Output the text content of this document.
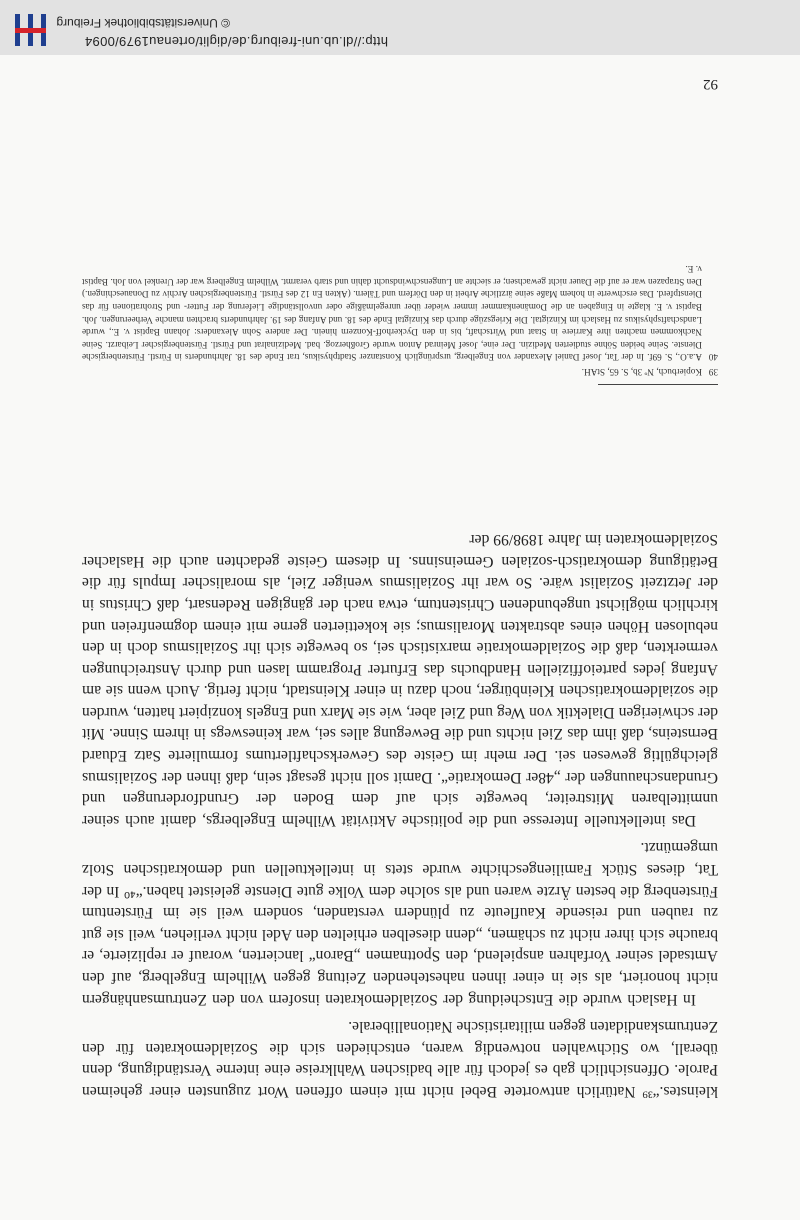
kleinstes.“³⁹ Natürlich antwortete Bebel nicht mit einem offenen Wort zugunsten einer geheimen Parole. Offensichtlich gab es jedoch für alle badischen Wahlkreise eine interne Verständigung, denn überall, wo Stichwahlen notwendig waren, entschieden sich die Sozialdemokraten für den Zentrumskandidaten gegen militaristische Nationalliberale.

In Haslach wurde die Entscheidung der Sozialdemokraten insofern von den Zentrumsanhängern nicht honoriert, als sie in einer ihnen nahestehenden Zeitung gegen Wilhelm Engelberg, auf den Amtsadel seiner Vorfahren anspielend, den Spottnamen „Baron“ lancierten, worauf er replizierte, er brauche sich ihrer nicht zu schämen, „denn dieselben erhielten den Adel nicht verliehen, weil sie gut zu rauben und reisende Kaufleute zu plündern verstanden, sondern weil sie im Fürstentum Fürstenberg die besten Ärzte waren und als solche dem Volke gute Dienste geleistet haben.“⁴⁰ In der Tat, dieses Stück Familiengeschichte wurde stets in intellektuellen und demokratischen Stolz umgemünzt.

Das intellektuelle Interesse und die politische Aktivität Wilhelm Engelbergs, damit auch seiner unmittelbaren Mitstreiter, bewegte sich auf dem Boden der Grundforderungen und Grundanschauungen der „48er Demokratie“. Damit soll nicht gesagt sein, daß ihnen der Sozialismus gleichgültig gewesen sei. Der mehr im Geiste des Gewerkschaftlertums formulierte Satz Eduard Bernsteins, daß ihm das Ziel nichts und die Bewegung alles sei, war keineswegs in ihrem Sinne. Mit der schwierigen Dialektik von Weg und Ziel aber, wie sie Marx und Engels konzipiert hatten, wurden die sozialdemokratischen Kleinbürger, noch dazu in einer Kleinstadt, nicht fertig. Auch wenn sie am Anfang jedes parteioffiziellen Handbuchs das Erfurter Programm lasen und durch Anstreichungen vermerkten, daß die Sozialdemokratie marxistisch sei, so bewegte sich ihr Sozialismus doch in den nebulosen Höhen eines abstrakten Moralismus; sie kokettierten gerne mit einem dogmenfreien und kirchlich möglichst ungebundenen Christentum, etwa nach der gängigen Redensart, daß Christus in der Jetztzeit Sozialist wäre. So war ihr Sozialismus weniger Ziel, als moralischer Impuls für die Betätigung demokratisch-sozialen Gemeinsinns. In diesem Geiste gedachten auch die Haslacher Sozialdemokraten im Jahre 1898/99 der

39
Kopierbuch, Nº 3b, S. 65, StAH.
40
A.a.O., S. 69f. In der Tat, Josef Daniel Alexander von Engelberg, ursprünglich Konstanzer Stadtphysikus, trat Ende des 18. Jahrhunderts in Fürstl. Fürstenbergische Dienste. Seine beiden Söhne studierten Medizin. Der eine, Josef Meinrad Anton wurde Großherzog. bad. Medizinalrat und Fürstl. Fürstenbergischer Leibarzt. Seine Nachkommen machten ihre Karriere in Staat und Wirtschaft, bis in den Dyckerhoff-Konzern hinein. Der andere Sohn Alexanders: Johann Baptist v. E., wurde Landschaftsphysikus zu Haslach im Kinzigtal. Die Kriegszüge durch das Kinzigtal Ende des 18. und Anfang des 19. Jahrhunderts brachten manche Verheerungen. Joh. Baptist v. E. klagte in Eingaben an die Domänenkammer immer wieder über unregelmäßige oder unvollständige Lieferung der Futter- und Strohrationen für das Dienstpferd. Das erschwerte in hohem Maße seine ärztliche Arbeit in den Dörfern und Tälern. (Akten En 12 des Fürstl. Fürstenbergischen Archiv zu Donaueschingen.) Den Strapazen war er auf die Dauer nicht gewachsen; er siechte an Lungenschwindsucht dahin und starb verarmt. Wilhelm Engelberg war der Urenkel von Joh. Baptist v. E.
92
http://dl.ub.uni-freiburg.de/diglit/ortenau1979/0094
© Universitätsbibliothek Freiburg
